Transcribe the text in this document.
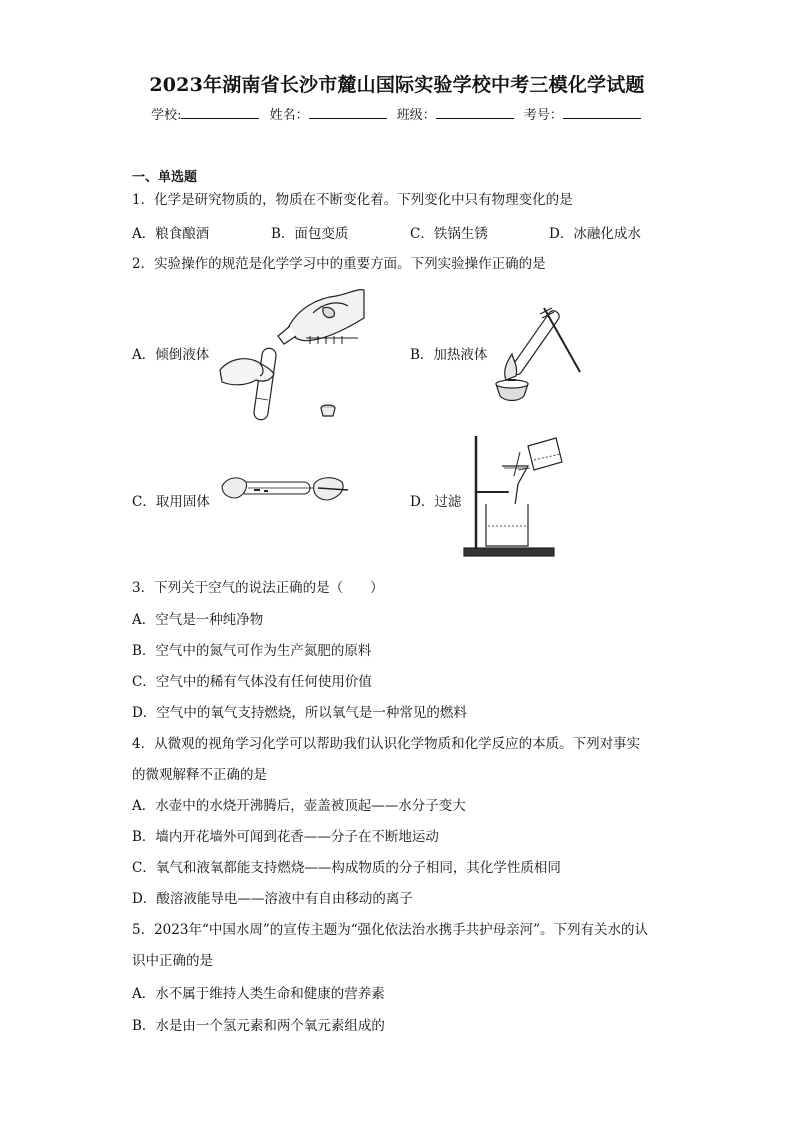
2023年湖南省长沙市麓山国际实验学校中考三模化学试题
学校:	姓名：	班级：	考号：
一、单选题
1．化学是研究物质的，物质在不断变化着。下列变化中只有物理变化的是
A．粮食酿酒	B．面包变质	C．铁锅生锈	D．冰融化成水
2．实验操作的规范是化学学习中的重要方面。下列实验操作正确的是
A．倾倒液体	B．加热液体
C．取用固体	D．过滤
3．下列关于空气的说法正确的是（　　）
A．空气是一种纯净物
B．空气中的氮气可作为生产氮肥的原料
C．空气中的稀有气体没有任何使用价值
D．空气中的氧气支持燃烧，所以氧气是一种常见的燃料
4．从微观的视角学习化学可以帮助我们认识化学物质和化学反应的本质。下列对事实
的微观解释不正确的是
A．水壶中的水烧开沸腾后，壶盖被顶起——水分子变大
B．墙内开花墙外可闻到花香——分子在不断地运动
C．氧气和液氧都能支持燃烧——构成物质的分子相同，其化学性质相同
D．酸溶液能导电——溶液中有自由移动的离子
5．2023年“中国水周”的宣传主题为“强化依法治水携手共护母亲河”。下列有关水的认
识中正确的是
A．水不属于维持人类生命和健康的营养素
B．水是由一个氢元素和两个氧元素组成的
